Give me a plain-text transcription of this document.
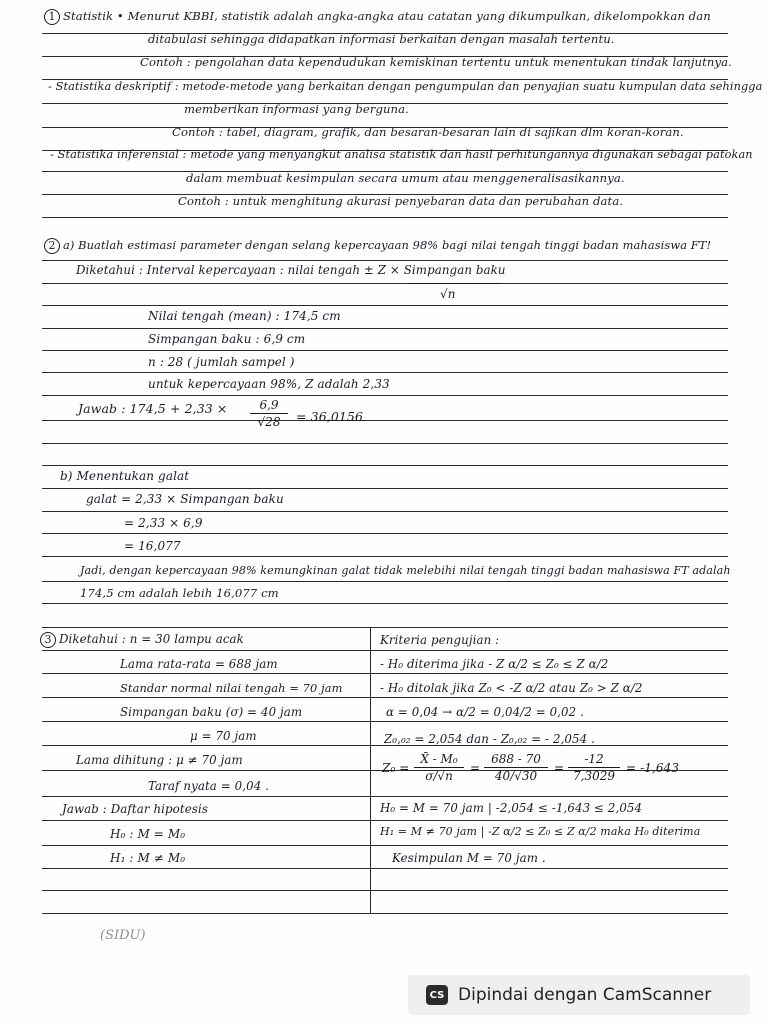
1 Statistik • Menurut KBBI, statistik adalah angka-angka atau catatan yang dikumpulkan, dikelompokkan dan
ditabulasi sehingga didapatkan informasi berkaitan dengan masalah tertentu.
Contoh : pengolahan data kependudukan kemiskinan tertentu untuk menentukan tindak lanjutnya.
- Statistika deskriptif : metode-metode yang berkaitan dengan pengumpulan dan penyajian suatu kumpulan data sehingga
memberikan informasi yang berguna.
Contoh : tabel, diagram, grafik, dan besaran-besaran lain di sajikan dlm koran-koran.
- Statistika inferensial : metode yang menyangkut analisa statistik dan hasil perhitungannya digunakan sebagai patokan
dalam membuat kesimpulan secara umum atau menggeneralisasikannya.
Contoh : untuk menghitung akurasi penyebaran data dan perubahan data.
2 a) Buatlah estimasi parameter dengan selang kepercayaan 98% bagi nilai tengah tinggi badan mahasiswa FT!
Diketahui : Interval kepercayaan : nilai tengah ± Z × Simpangan baku
√n
Nilai tengah (mean) : 174,5 cm
Simpangan baku : 6,9 cm
n : 28 ( jumlah sampel )
untuk kepercayaan 98%, Z adalah 2,33
Jawab : 174,5 + 2,33 ×	6,9
√28	= 36,0156
b) Menentukan galat
galat = 2,33 × Simpangan baku
= 2,33 × 6,9
= 16,077
Jadi, dengan kepercayaan 98% kemungkinan galat tidak melebihi nilai tengah tinggi badan mahasiswa FT adalah
174,5 cm adalah lebih 16,077 cm
3 Diketahui : n = 30 lampu acak
Lama rata-rata = 688 jam
Standar normal nilai tengah = 70 jam
Simpangan baku (σ) = 40 jam
μ = 70 jam
Lama dihitung : μ ≠ 70 jam
Taraf nyata = 0,04 .
Jawab : Daftar hipotesis
H₀ : M = M₀
H₁ : M ≠ M₀
Kriteria pengujian :
- H₀ diterima jika - Z α/2 ≤ Z₀ ≤ Z α/2
- H₀ ditolak jika Z₀ < -Z α/2 atau Z₀ > Z α/2
α = 0,04 → α/2 = 0,04/2 = 0,02 .
Z₀,₀₂ = 2,054 dan - Z₀,₀₂ = - 2,054 .
Z₀ =
X̄ - M₀
σ/√n
=
688 - 70
40/√30
=
-12
7,3029
= -1,643
H₀ = M = 70 jam | -2,054 ≤ -1,643 ≤ 2,054
H₁ = M ≠ 70 jam | -Z α/2 ≤ Z₀ ≤ Z α/2 maka H₀ diterima
Kesimpulan M = 70 jam .
(SIDU)
CS Dipindai dengan CamScanner
